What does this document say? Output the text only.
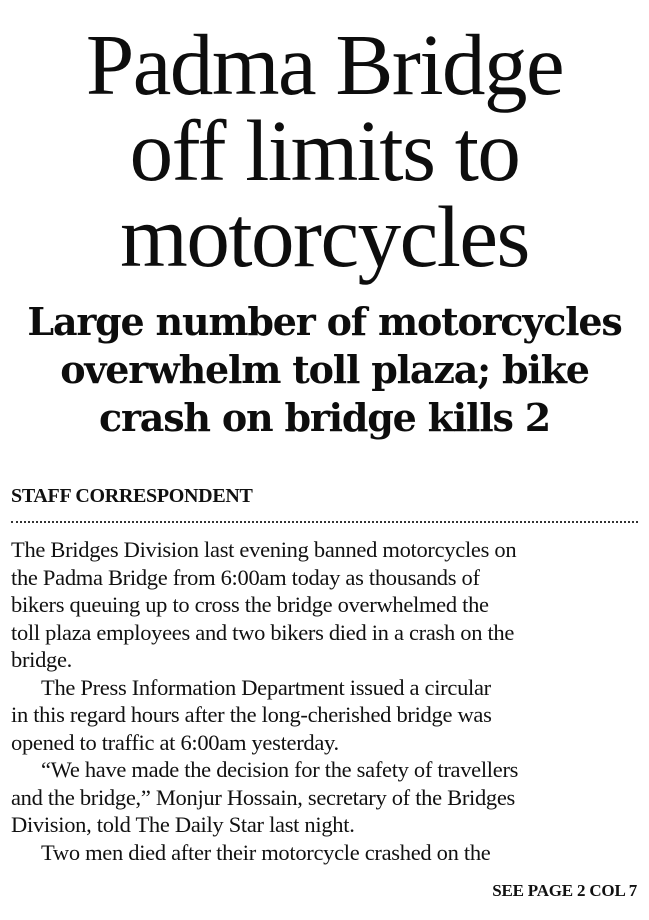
Padma Bridge
off limits to
motorcycles
Large number of motorcycles
overwhelm toll plaza; bike
crash on bridge kills 2
STAFF CORRESPONDENT

The Bridges Division last evening banned motorcycles on
the Padma Bridge from 6:00am today as thousands of
bikers queuing up to cross the bridge overwhelmed the
toll plaza employees and two bikers died in a crash on the
bridge.

The Press Information Department issued a circular
in this regard hours after the long-cherished bridge was
opened to traffic at 6:00am yesterday.

“We have made the decision for the safety of travellers
and the bridge,” Monjur Hossain, secretary of the Bridges
Division, told The Daily Star last night.

Two men died after their motorcycle crashed on the

SEE PAGE 2 COL 7
